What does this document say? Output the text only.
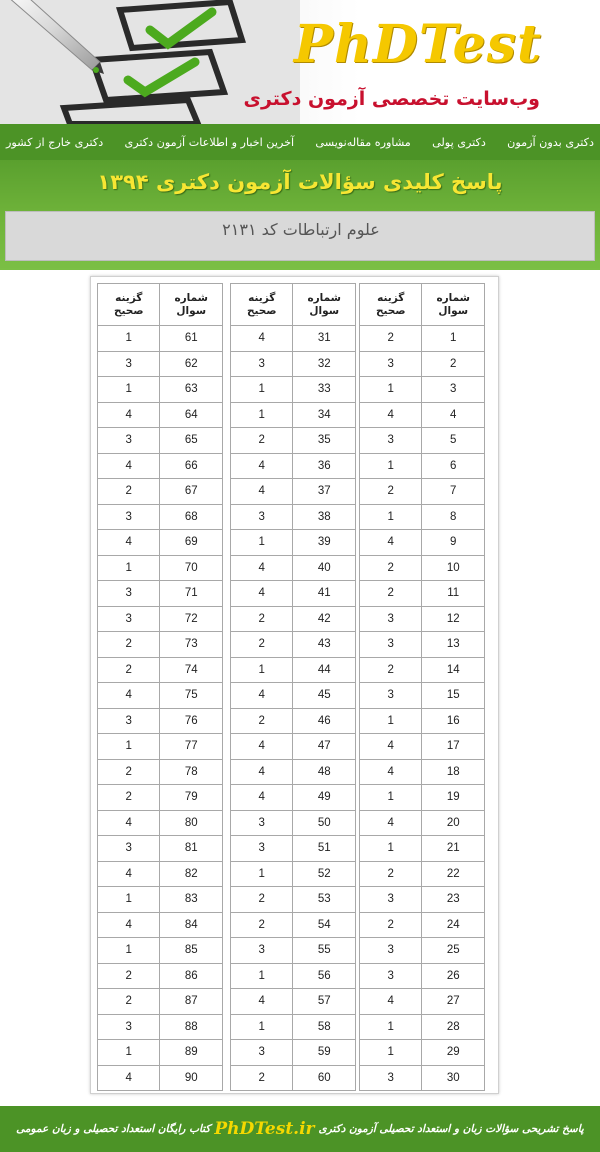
PhDTest
وب‌سایت تخصصی آزمون دکتری
دکتری بدون آزمون
دکتری پولی
مشاوره مقاله‌نویسی
آخرین اخبار و اطلاعات آزمون دکتری
دکتری خارج از کشور
پاسخ کلیدی سؤالات آزمون دکتری ۱۳۹۴
علوم ارتباطات کد ۲۱۳۱
گزینه صحیح	شماره سوال
2	1
3	2
1	3
4	4
3	5
1	6
2	7
1	8
4	9
2	10
2	11
3	12
3	13
2	14
3	15
1	16
4	17
4	18
1	19
4	20
1	21
2	22
3	23
2	24
3	25
3	26
4	27
1	28
1	29
3	30
گزینه صحیح	شماره سوال
4	31
3	32
1	33
1	34
2	35
4	36
4	37
3	38
1	39
4	40
4	41
2	42
2	43
1	44
4	45
2	46
4	47
4	48
4	49
3	50
3	51
1	52
2	53
2	54
3	55
1	56
4	57
1	58
3	59
2	60
گزینه صحیح	شماره سوال
1	61
3	62
1	63
4	64
3	65
4	66
2	67
3	68
4	69
1	70
3	71
3	72
2	73
2	74
4	75
3	76
1	77
2	78
2	79
4	80
3	81
4	82
1	83
4	84
1	85
2	86
2	87
3	88
1	89
4	90
پاسخ تشریحی سؤالات زبان و استعداد تحصیلی آزمون دکتری
PhDTest.ir
کتاب رایگان استعداد تحصیلی و زبان عمومی
